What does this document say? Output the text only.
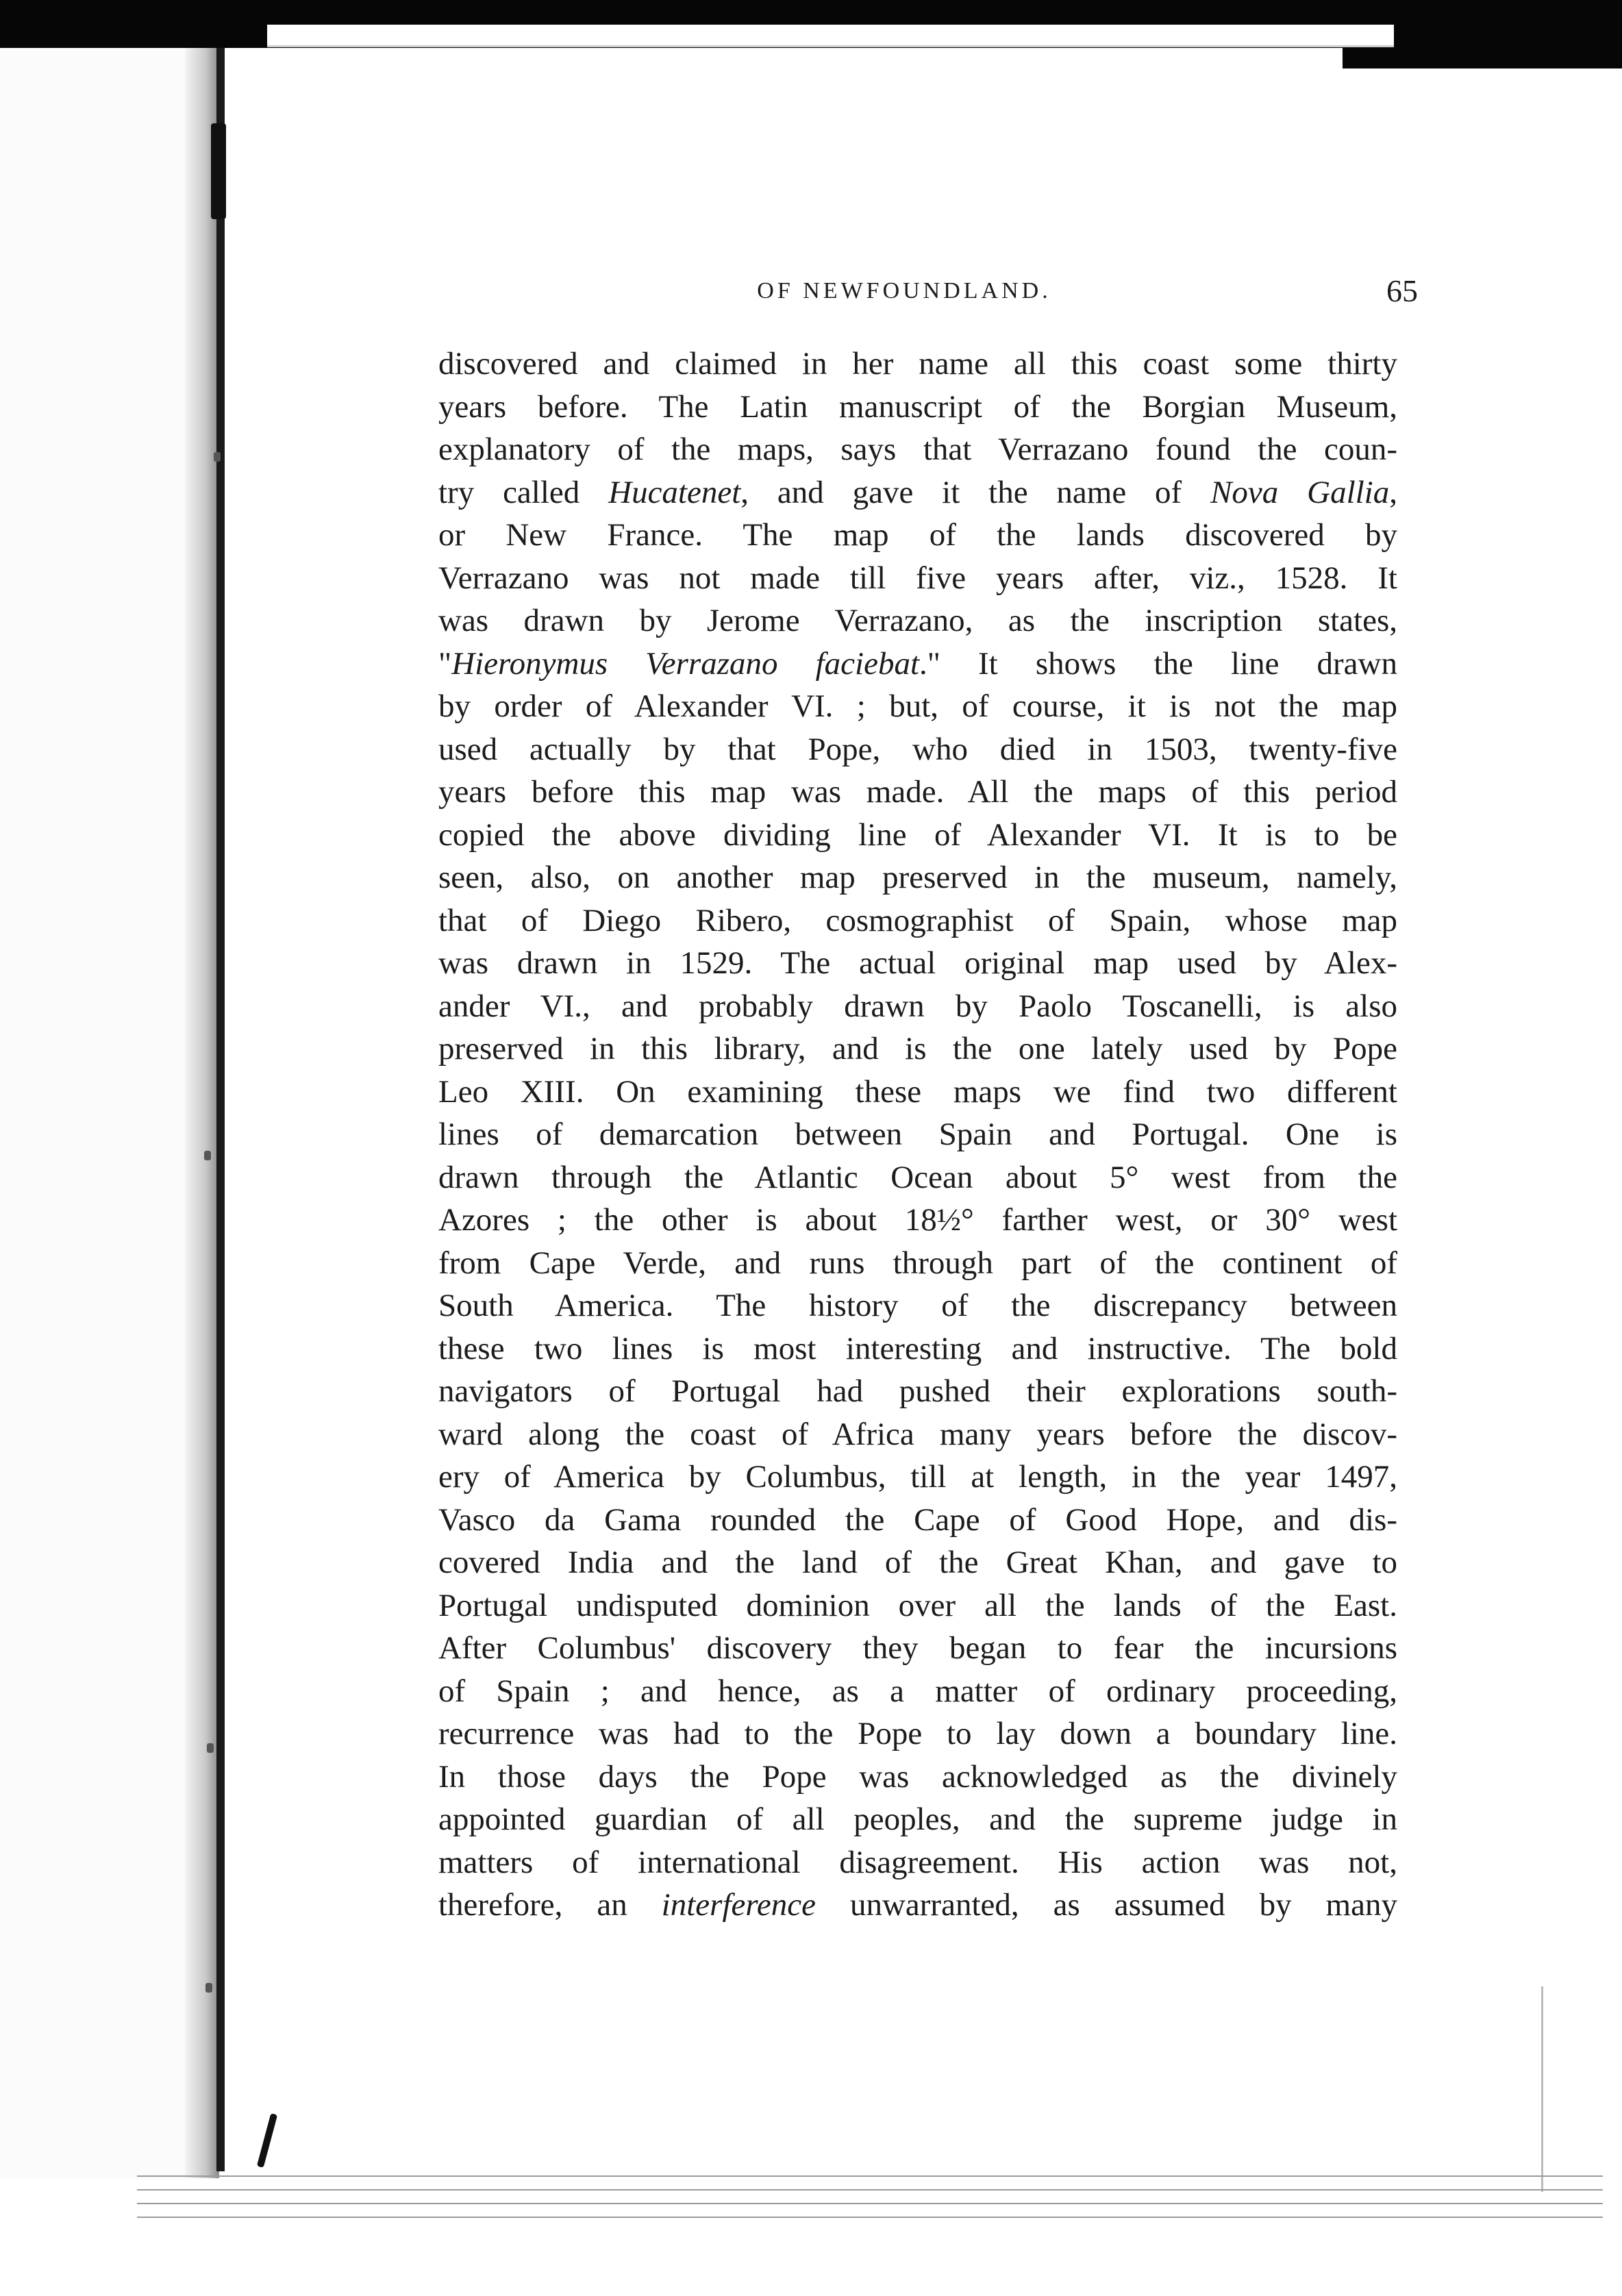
OF NEWFOUNDLAND.	65
discovered and claimed in her name all this coast some thirty
years before. The Latin manuscript of the Borgian Museum,
explanatory of the maps, says that Verrazano found the coun-
try called Hucatenet, and gave it the name of Nova Gallia,
or New France. The map of the lands discovered by
Verrazano was not made till five years after, viz., 1528. It
was drawn by Jerome Verrazano, as the inscription states,
"Hieronymus Verrazano faciebat." It shows the line drawn
by order of Alexander VI. ; but, of course, it is not the map
used actually by that Pope, who died in 1503, twenty-five
years before this map was made. All the maps of this period
copied the above dividing line of Alexander VI. It is to be
seen, also, on another map preserved in the museum, namely,
that of Diego Ribero, cosmographist of Spain, whose map
was drawn in 1529. The actual original map used by Alex-
ander VI., and probably drawn by Paolo Toscanelli, is also
preserved in this library, and is the one lately used by Pope
Leo XIII. On examining these maps we find two different
lines of demarcation between Spain and Portugal. One is
drawn through the Atlantic Ocean about 5° west from the
Azores ; the other is about 18½° farther west, or 30° west
from Cape Verde, and runs through part of the continent of
South America. The history of the discrepancy between
these two lines is most interesting and instructive. The bold
navigators of Portugal had pushed their explorations south-
ward along the coast of Africa many years before the discov-
ery of America by Columbus, till at length, in the year 1497,
Vasco da Gama rounded the Cape of Good Hope, and dis-
covered India and the land of the Great Khan, and gave to
Portugal undisputed dominion over all the lands of the East.
After Columbus' discovery they began to fear the incursions
of Spain ; and hence, as a matter of ordinary proceeding,
recurrence was had to the Pope to lay down a boundary line.
In those days the Pope was acknowledged as the divinely
appointed guardian of all peoples, and the supreme judge in
matters of international disagreement. His action was not,
therefore, an interference unwarranted, as assumed by many
